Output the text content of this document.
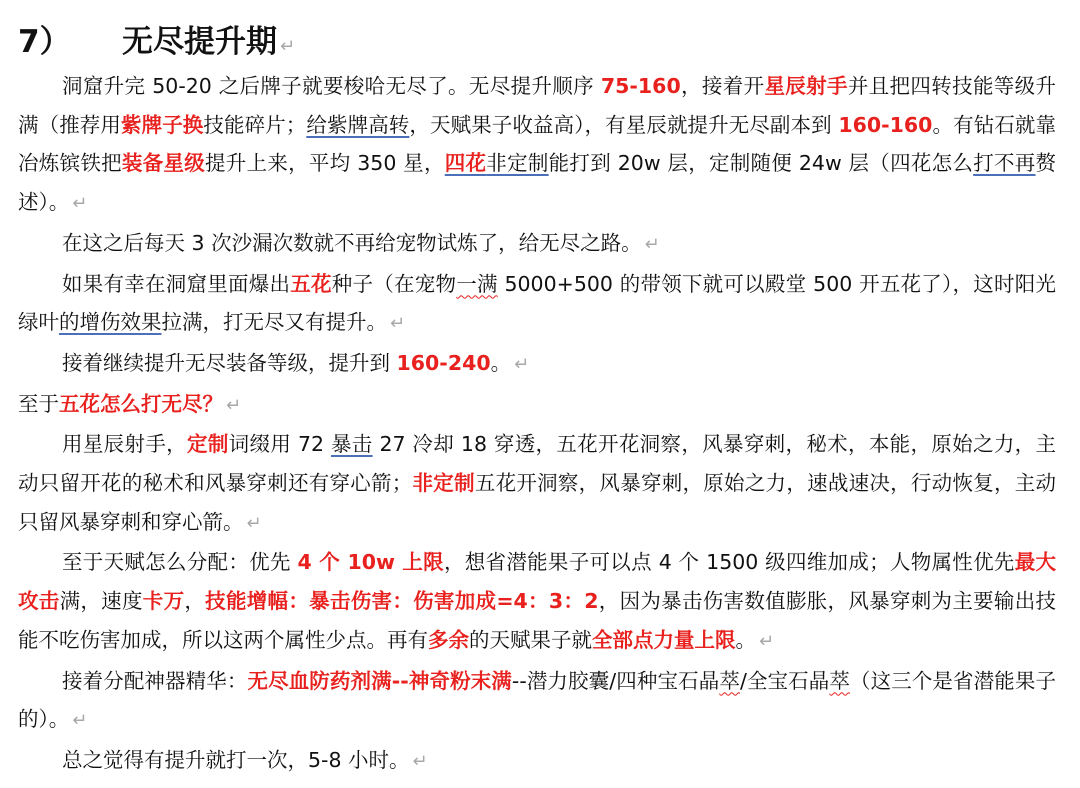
7） 无尽提升期 ↵

洞窟升完 50-20 之后牌子就要梭哈无尽了。无尽提升顺序 75-160，接着开星辰射手并且把四转技能等级升满（推荐用紫牌子换技能碎片；给紫牌高转，天赋果子收益高），有星辰就提升无尽副本到 160-160。有钻石就靠冶炼镔铁把装备星级提升上来，平均 350 星，四花非定制能打到 20w 层，定制随便 24w 层（四花怎么打不再赘述）。 ↵

在这之后每天 3 次沙漏次数就不再给宠物试炼了，给无尽之路。 ↵

如果有幸在洞窟里面爆出五花种子（在宠物一满 5000+500 的带领下就可以殿堂 500 开五花了），这时阳光绿叶的增伤效果拉满，打无尽又有提升。 ↵

接着继续提升无尽装备等级，提升到 160-240。 ↵

至于五花怎么打无尽？ ↵

用星辰射手，定制词缀用 72 暴击 27 冷却 18 穿透，五花开花洞察，风暴穿刺，秘术，本能，原始之力，主动只留开花的秘术和风暴穿刺还有穿心箭；非定制五花开洞察，风暴穿刺，原始之力，速战速决，行动恢复，主动只留风暴穿刺和穿心箭。 ↵

至于天赋怎么分配：优先 4 个 10w 上限，想省潜能果子可以点 4 个 1500 级四维加成；人物属性优先最大攻击满，速度卡万，技能增幅：暴击伤害：伤害加成=4：3：2，因为暴击伤害数值膨胀，风暴穿刺为主要输出技能不吃伤害加成，所以这两个属性少点。再有多余的天赋果子就全部点力量上限。 ↵

接着分配神器精华：无尽血防药剂满--神奇粉末满--潜力胶囊/四种宝石晶萃/全宝石晶萃（这三个是省潜能果子的）。 ↵

总之觉得有提升就打一次，5-8 小时。 ↵
